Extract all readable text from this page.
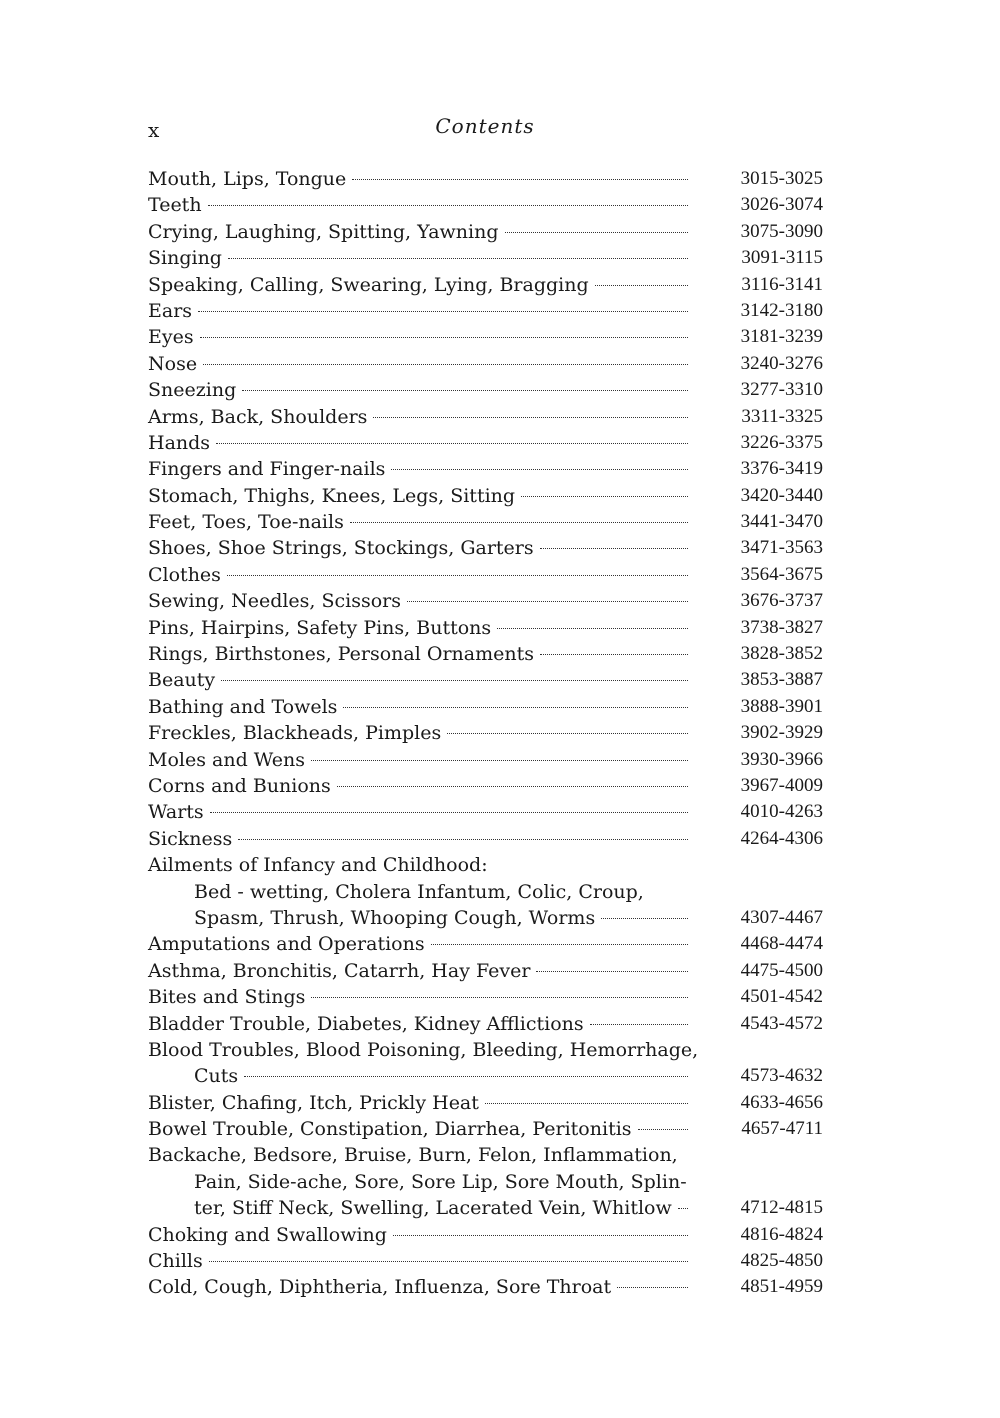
x	Contents
Mouth, Lips, Tongue	3015-3025
Teeth	3026-3074
Crying, Laughing, Spitting, Yawning	3075-3090
Singing	3091-3115
Speaking, Calling, Swearing, Lying, Bragging	3116-3141
Ears	3142-3180
Eyes	3181-3239
Nose	3240-3276
Sneezing	3277-3310
Arms, Back, Shoulders	3311-3325
Hands	3226-3375
Fingers and Finger-nails	3376-3419
Stomach, Thighs, Knees, Legs, Sitting	3420-3440
Feet, Toes, Toe-nails	3441-3470
Shoes, Shoe Strings, Stockings, Garters	3471-3563
Clothes	3564-3675
Sewing, Needles, Scissors	3676-3737
Pins, Hairpins, Safety Pins, Buttons	3738-3827
Rings, Birthstones, Personal Ornaments	3828-3852
Beauty	3853-3887
Bathing and Towels	3888-3901
Freckles, Blackheads, Pimples	3902-3929
Moles and Wens	3930-3966
Corns and Bunions	3967-4009
Warts	4010-4263
Sickness	4264-4306
Ailments of Infancy and Childhood:
Bed - wetting, Cholera Infantum, Colic, Croup,
Spasm, Thrush, Whooping Cough, Worms	4307-4467
Amputations and Operations	4468-4474
Asthma, Bronchitis, Catarrh, Hay Fever	4475-4500
Bites and Stings	4501-4542
Bladder Trouble, Diabetes, Kidney Afflictions	4543-4572
Blood Troubles, Blood Poisoning, Bleeding, Hemorrhage,
Cuts	4573-4632
Blister, Chafing, Itch, Prickly Heat	4633-4656
Bowel Trouble, Constipation, Diarrhea, Peritonitis	4657-4711
Backache, Bedsore, Bruise, Burn, Felon, Inflammation,
Pain, Side-ache, Sore, Sore Lip, Sore Mouth, Splin-
ter, Stiff Neck, Swelling, Lacerated Vein, Whitlow	4712-4815
Choking and Swallowing	4816-4824
Chills	4825-4850
Cold, Cough, Diphtheria, Influenza, Sore Throat	4851-4959
